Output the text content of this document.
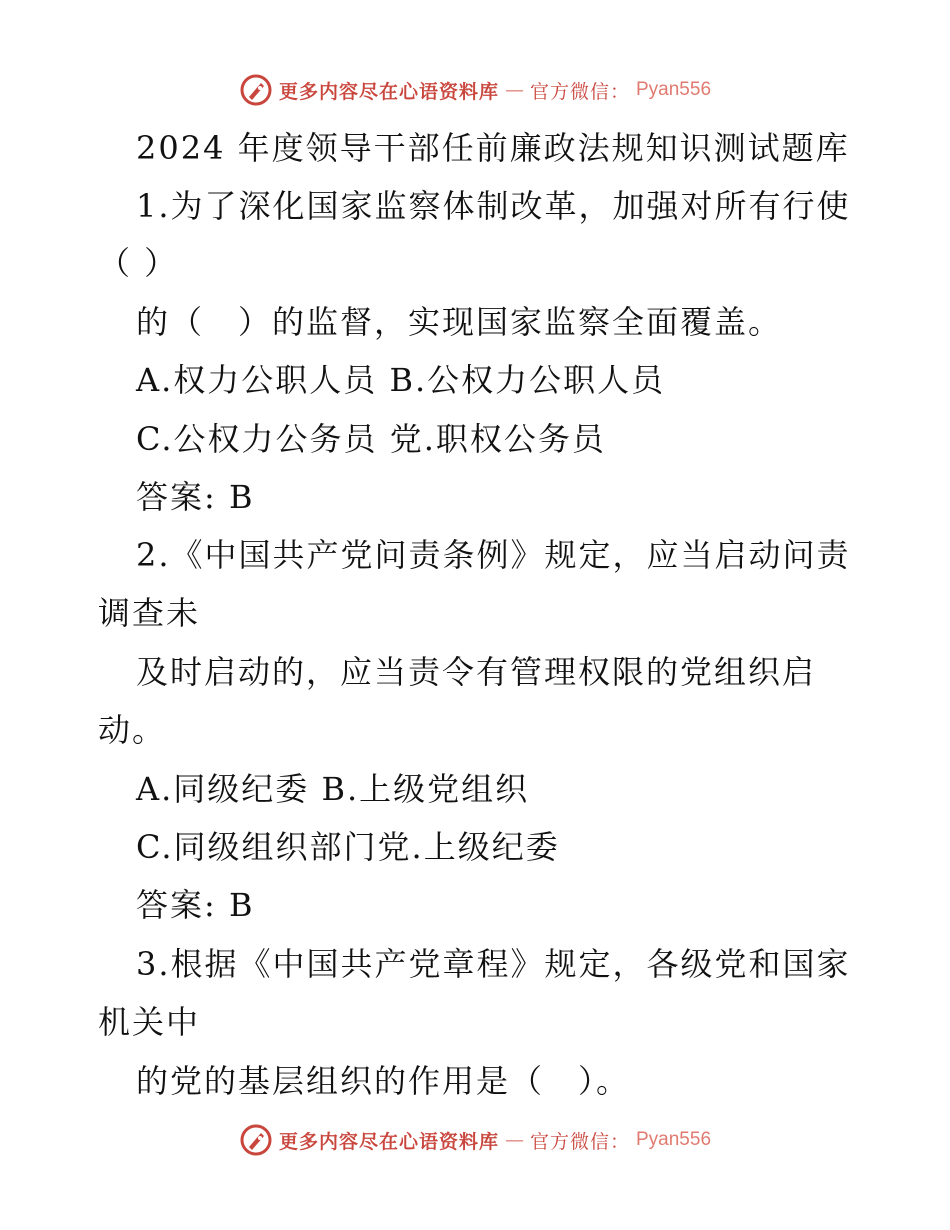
更多内容尽在心语资料库 — 官方微信： Pyan556
2024 年度领导干部任前廉政法规知识测试题库
1.为了深化国家监察体制改革，加强对所有行使
（ ）
的（　）的监督，实现国家监察全面覆盖。
A.权力公职人员 B.公权力公职人员
C.公权力公务员 党.职权公务员
答案: B
2.《中国共产党问责条例》规定，应当启动问责
调查未
及时启动的，应当责令有管理权限的党组织启
动。
A.同级纪委 B.上级党组织
C.同级组织部门党.上级纪委
答案: B
3.根据《中国共产党章程》规定，各级党和国家
机关中
的党的基层组织的作用是（　）。
更多内容尽在心语资料库 — 官方微信： Pyan556
